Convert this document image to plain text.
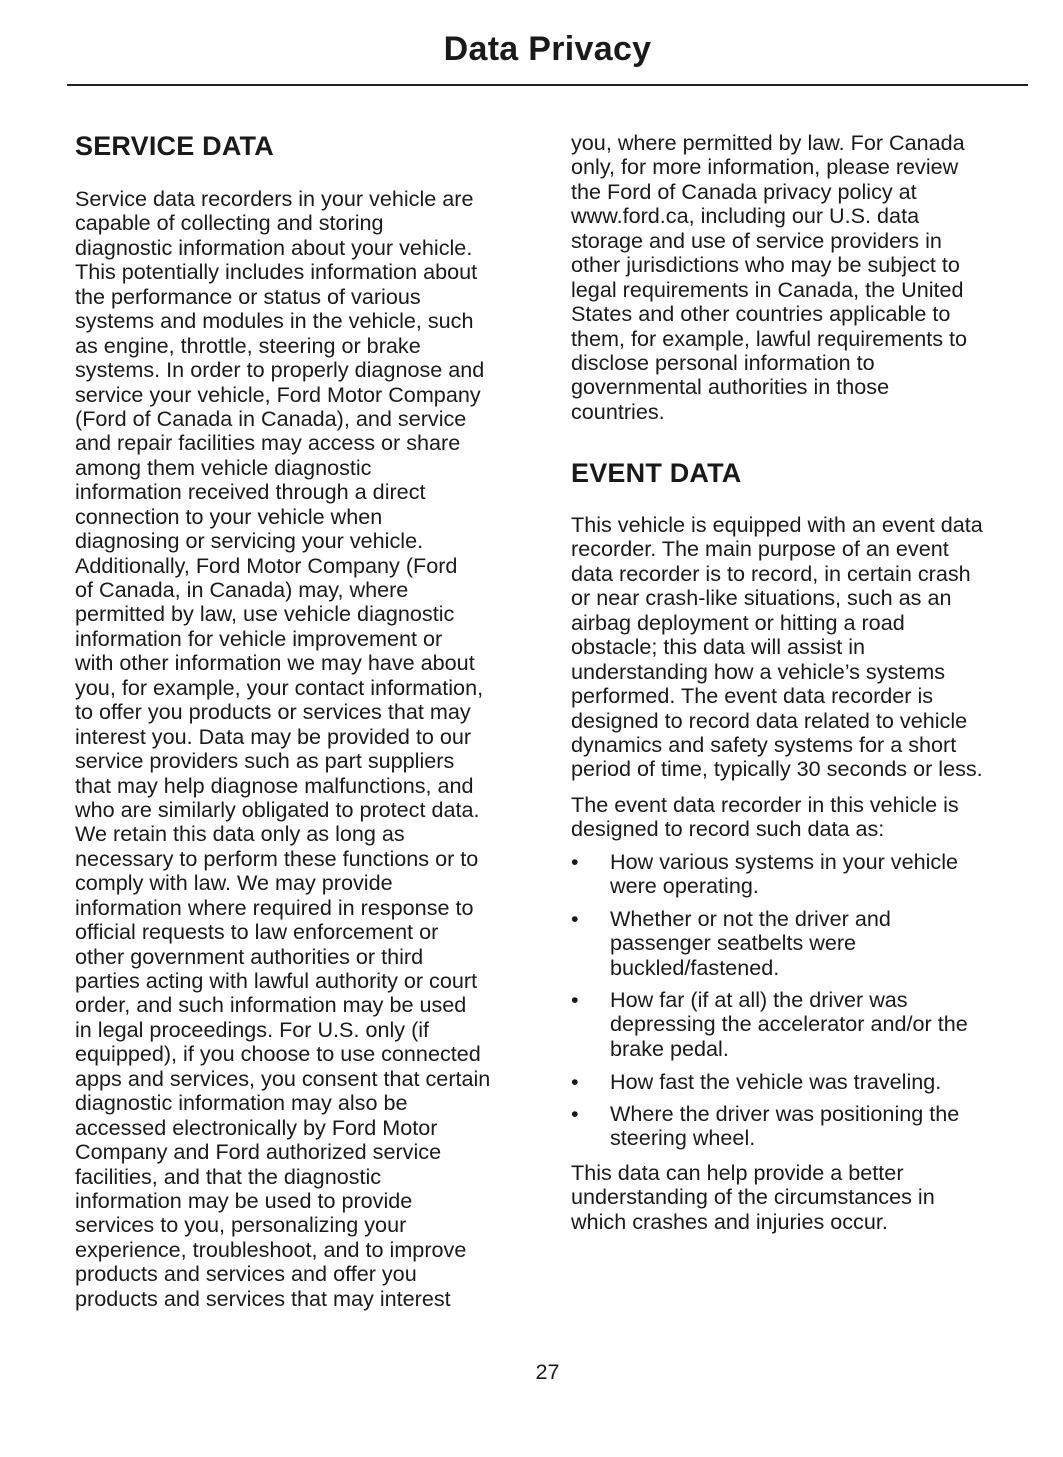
Data Privacy
SERVICE DATA
Service data recorders in your vehicle are
capable of collecting and storing
diagnostic information about your vehicle.
This potentially includes information about
the performance or status of various
systems and modules in the vehicle, such
as engine, throttle, steering or brake
systems. In order to properly diagnose and
service your vehicle, Ford Motor Company
(Ford of Canada in Canada), and service
and repair facilities may access or share
among them vehicle diagnostic
information received through a direct
connection to your vehicle when
diagnosing or servicing your vehicle.
Additionally, Ford Motor Company (Ford
of Canada, in Canada) may, where
permitted by law, use vehicle diagnostic
information for vehicle improvement or
with other information we may have about
you, for example, your contact information,
to offer you products or services that may
interest you. Data may be provided to our
service providers such as part suppliers
that may help diagnose malfunctions, and
who are similarly obligated to protect data.
We retain this data only as long as
necessary to perform these functions or to
comply with law. We may provide
information where required in response to
official requests to law enforcement or
other government authorities or third
parties acting with lawful authority or court
order, and such information may be used
in legal proceedings. For U.S. only (if
equipped), if you choose to use connected
apps and services, you consent that certain
diagnostic information may also be
accessed electronically by Ford Motor
Company and Ford authorized service
facilities, and that the diagnostic
information may be used to provide
services to you, personalizing your
experience, troubleshoot, and to improve
products and services and offer you
products and services that may interest
you, where permitted by law. For Canada
only, for more information, please review
the Ford of Canada privacy policy at
www.ford.ca, including our U.S. data
storage and use of service providers in
other jurisdictions who may be subject to
legal requirements in Canada, the United
States and other countries applicable to
them, for example, lawful requirements to
disclose personal information to
governmental authorities in those
countries.
EVENT DATA
This vehicle is equipped with an event data
recorder. The main purpose of an event
data recorder is to record, in certain crash
or near crash-like situations, such as an
airbag deployment or hitting a road
obstacle; this data will assist in
understanding how a vehicle’s systems
performed. The event data recorder is
designed to record data related to vehicle
dynamics and safety systems for a short
period of time, typically 30 seconds or less.
The event data recorder in this vehicle is
designed to record such data as:
• How various systems in your vehicle
were operating.
• Whether or not the driver and
passenger seatbelts were
buckled/fastened.
• How far (if at all) the driver was
depressing the accelerator and/or the
brake pedal.
• How fast the vehicle was traveling.
• Where the driver was positioning the
steering wheel.
This data can help provide a better
understanding of the circumstances in
which crashes and injuries occur.
27
